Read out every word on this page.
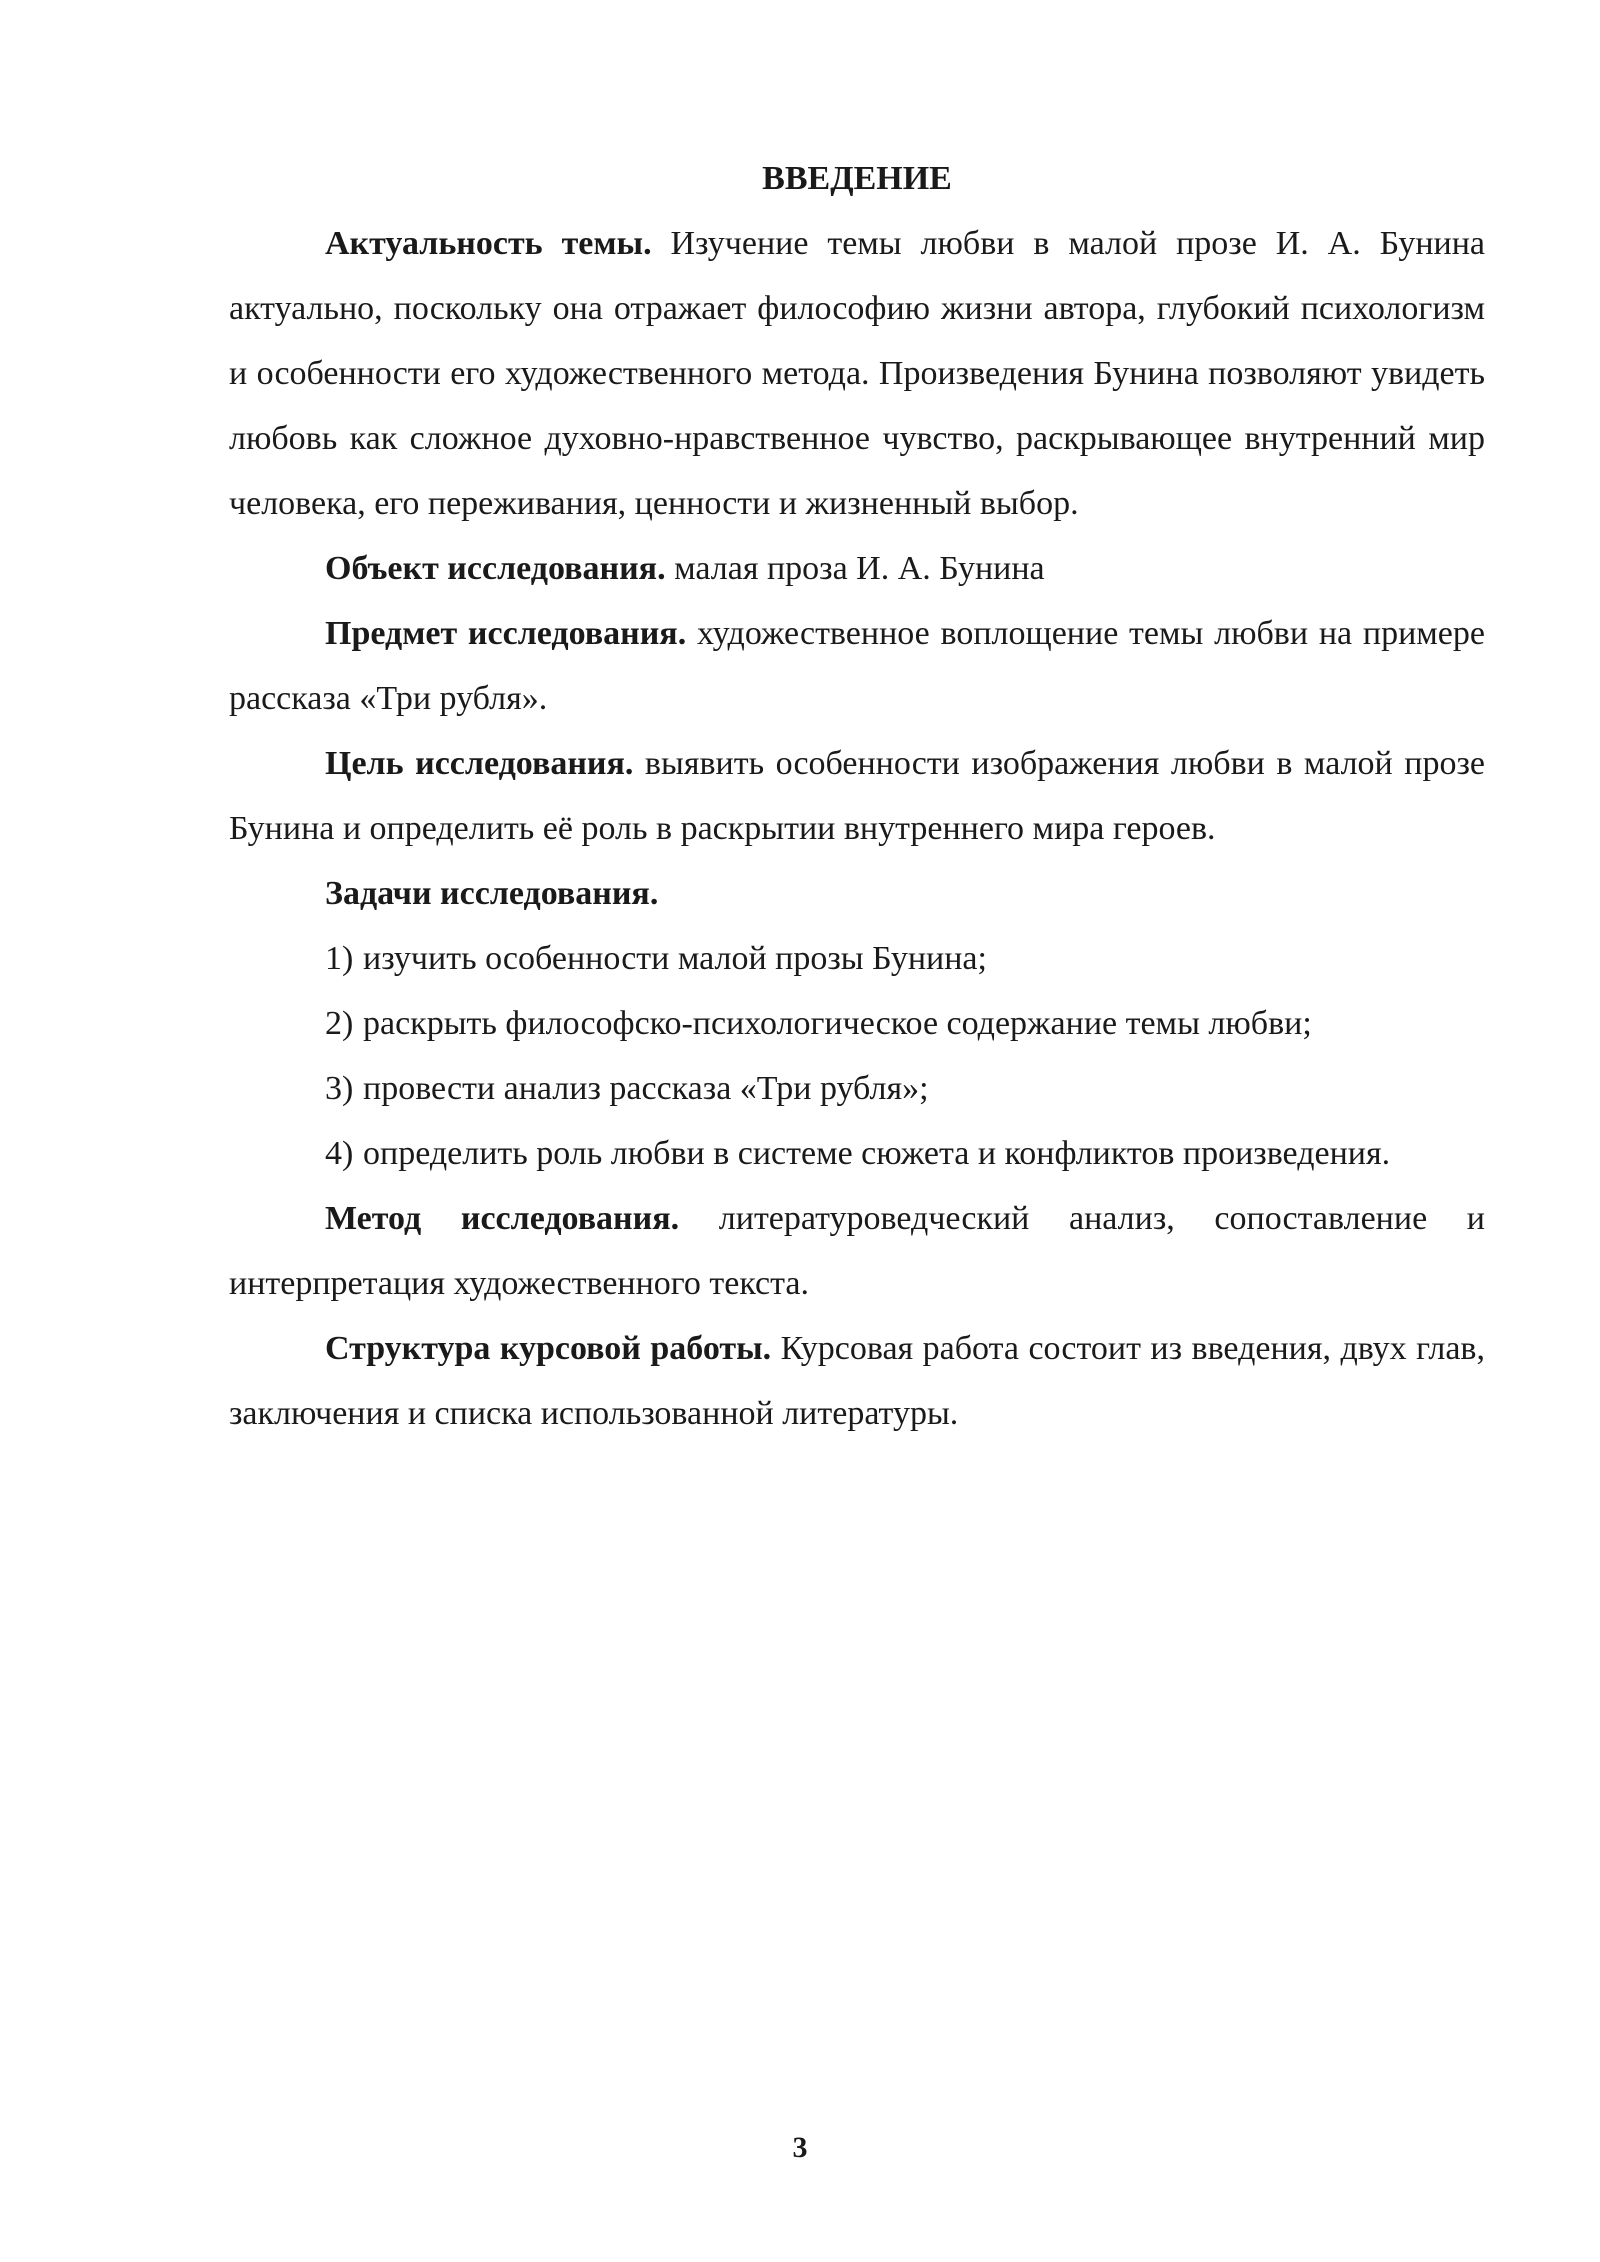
ВВЕДЕНИЕ

Актуальность темы. Изучение темы любви в малой прозе И. А. Бунина актуально, поскольку она отражает философию жизни автора, глубокий психологизм и особенности его художественного метода. Произведения Бунина позволяют увидеть любовь как сложное духовно-нравственное чувство, раскрывающее внутренний мир человека, его переживания, ценности и жизненный выбор.

Объект исследования. малая проза И. А. Бунина

Предмет исследования. художественное воплощение темы любви на примере рассказа «Три рубля».

Цель исследования. выявить особенности изображения любви в малой прозе Бунина и определить её роль в раскрытии внутреннего мира героев.

Задачи исследования.

1) изучить особенности малой прозы Бунина;

2) раскрыть философско-психологическое содержание темы любви;

3) провести анализ рассказа «Три рубля»;

4) определить роль любви в системе сюжета и конфликтов произведения.

Метод исследования. литературоведческий анализ, сопоставление и интерпретация художественного текста.

Структура курсовой работы. Курсовая работа состоит из введения, двух глав, заключения и списка использованной литературы.

3
